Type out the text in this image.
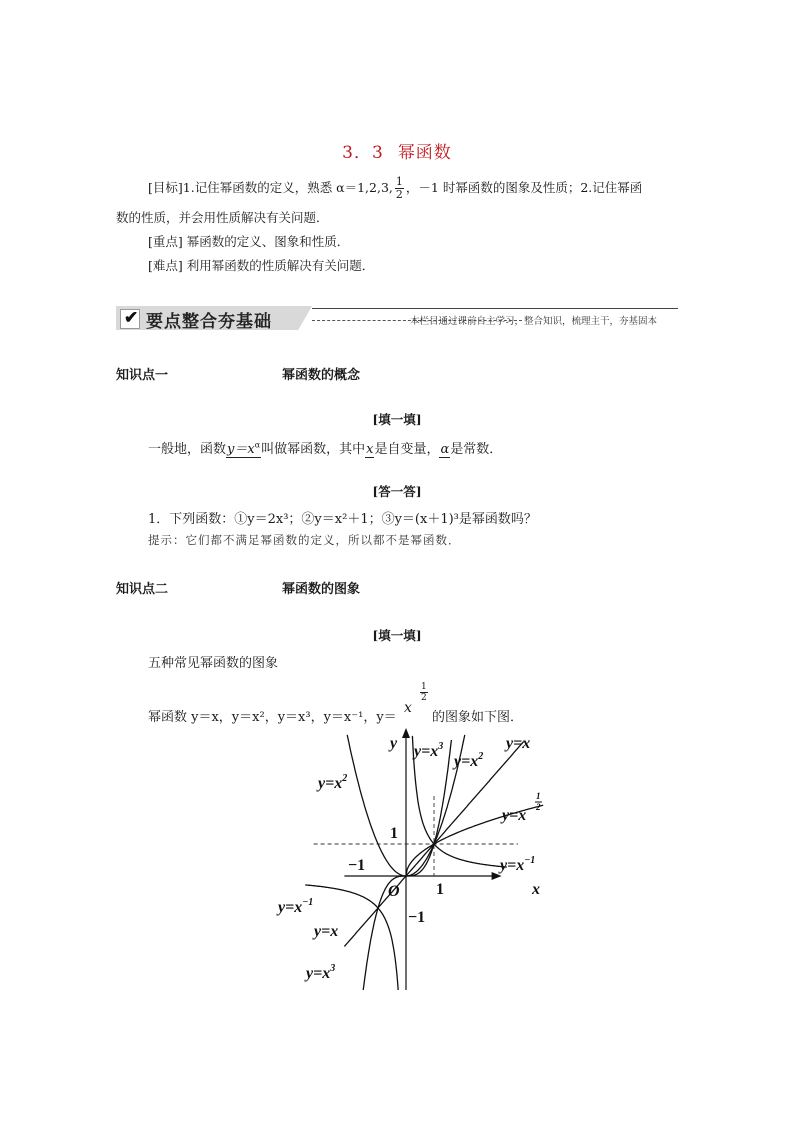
3．3 幂函数
[目标]1.记住幂函数的定义，熟悉 α＝1,2,3, $\frac{1}{2}$ ，－1 时幂函数的图象及性质；2.记住幂函
数的性质，并会用性质解决有关问题．
[重点] 幂函数的定义、图象和性质．
[难点] 利用幂函数的性质解决有关问题．
✔ 要点整合夯基础	本栏目通过课前自主学习，整合知识，梳理主干，夯基固本
知识点一	幂函数的概念
[填一填]
一般地，函数$y=x^\alpha$叫做幂函数，其中x是自变量，α是常数．
[答一答]
1．下列函数：①y＝2x³；②y＝x²＋1；③y＝(x＋1)³是幂函数吗？
提示：它们都不满足幂函数的定义，所以都不是幂函数．
知识点二	幂函数的图象
[填一填]
五种常见幂函数的图象
幂函数 y＝x，y＝x²，y＝x³，y＝x⁻¹，y＝
x
$\frac{1}{2}$
的图象如下图．
$y=x^2$
$y=x^3$
$y=x^2$
y=x
y=x
$y=x^{-1}$
$y=x^{-1}$
y=x
$y=x^3$
1
2
x
y
O 1
−1
1
−1
